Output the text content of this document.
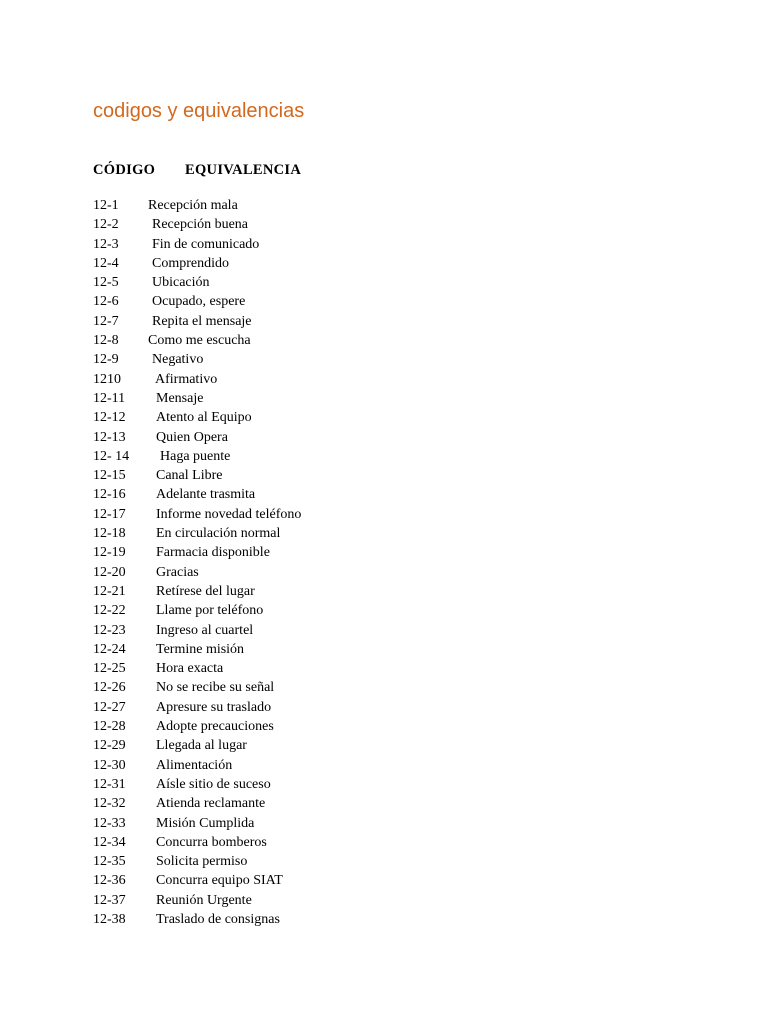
codigos y equivalencias
CÓDIGO EQUIVALENCIA
12-1 Recepción mala
12-2 Recepción buena
12-3 Fin de comunicado
12-4 Comprendido
12-5 Ubicación
12-6 Ocupado, espere
12-7 Repita el mensaje
12-8 Como me escucha
12-9 Negativo
1210 Afirmativo
12-11 Mensaje
12-12 Atento al Equipo
12-13 Quien Opera
12- 14 Haga puente
12-15 Canal Libre
12-16 Adelante trasmita
12-17 Informe novedad teléfono
12-18 En circulación normal
12-19 Farmacia disponible
12-20 Gracias
12-21 Retírese del lugar
12-22 Llame por teléfono
12-23 Ingreso al cuartel
12-24 Termine misión
12-25 Hora exacta
12-26 No se recibe su señal
12-27 Apresure su traslado
12-28 Adopte precauciones
12-29 Llegada al lugar
12-30 Alimentación
12-31 Aísle sitio de suceso
12-32 Atienda reclamante
12-33 Misión Cumplida
12-34 Concurra bomberos
12-35 Solicita permiso
12-36 Concurra equipo SIAT
12-37 Reunión Urgente
12-38 Traslado de consignas
